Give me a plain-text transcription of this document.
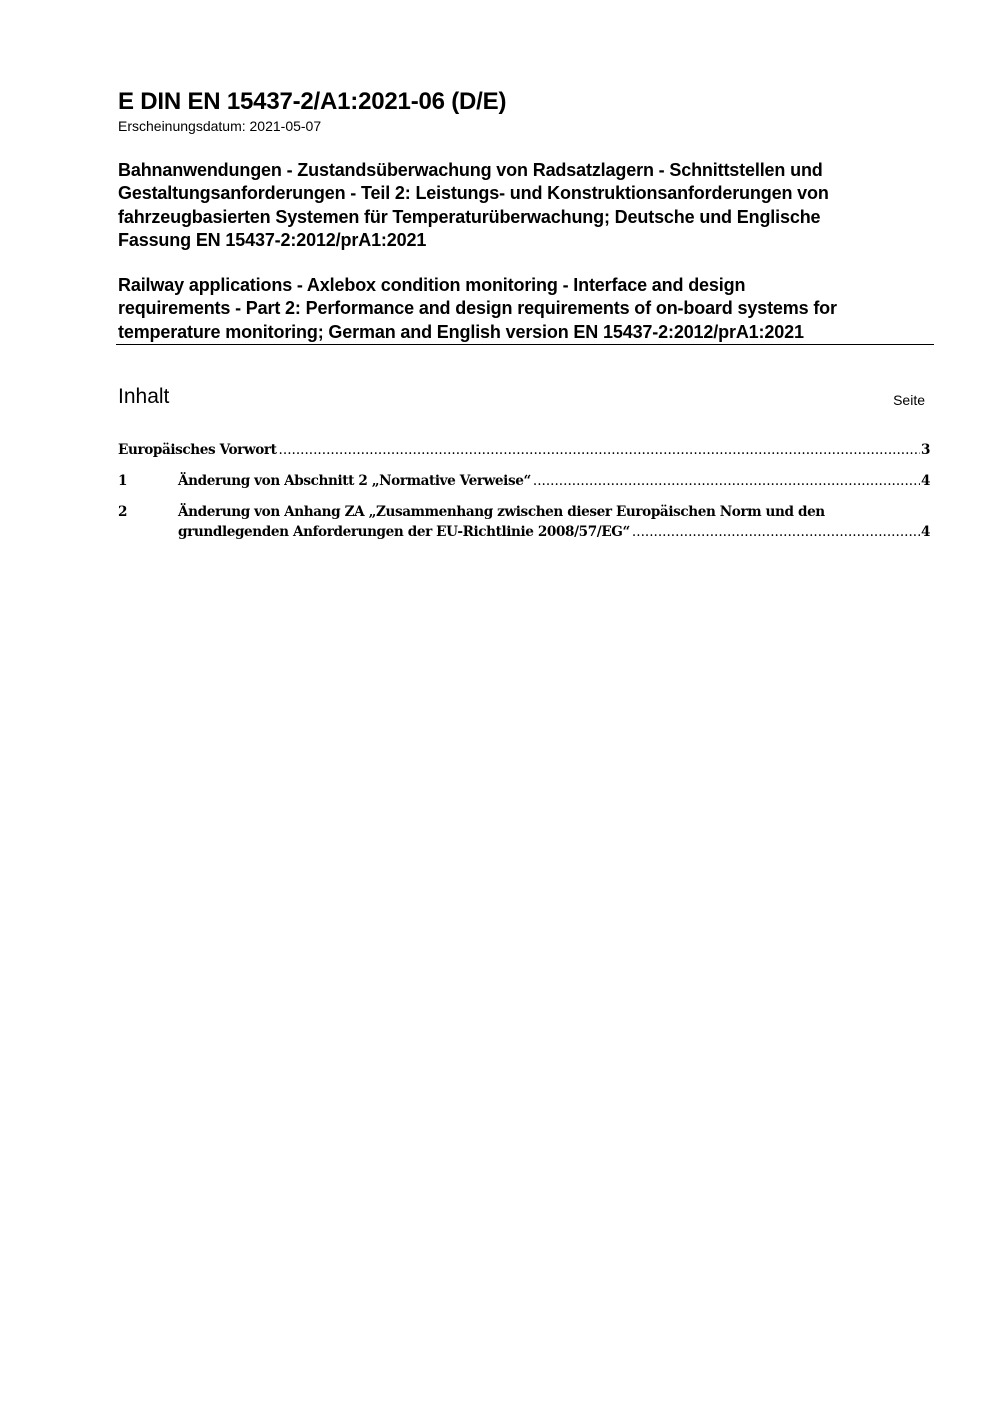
E DIN EN 15437-2/A1:2021-06 (D/E)
Erscheinungsdatum: 2021-05-07
Bahnanwendungen - Zustandsüberwachung von Radsatzlagern - Schnittstellen und
Gestaltungsanforderungen - Teil 2: Leistungs- und Konstruktionsanforderungen von
fahrzeugbasierten Systemen für Temperaturüberwachung; Deutsche und Englische
Fassung EN 15437-2:2012/prA1:2021
Railway applications - Axlebox condition monitoring - Interface and design
requirements - Part 2: Performance and design requirements of on-board systems for
temperature monitoring; German and English version EN 15437-2:2012/prA1:2021
Inhalt	Seite
Europäisches Vorwort .....	3
1	Änderung von Abschnitt 2 „Normative Verweise“ .....	4
2	Änderung von Anhang ZA „Zusammenhang zwischen dieser Europäischen Norm und den
grundlegenden Anforderungen der EU-Richtlinie 2008/57/EG“ .....	4
